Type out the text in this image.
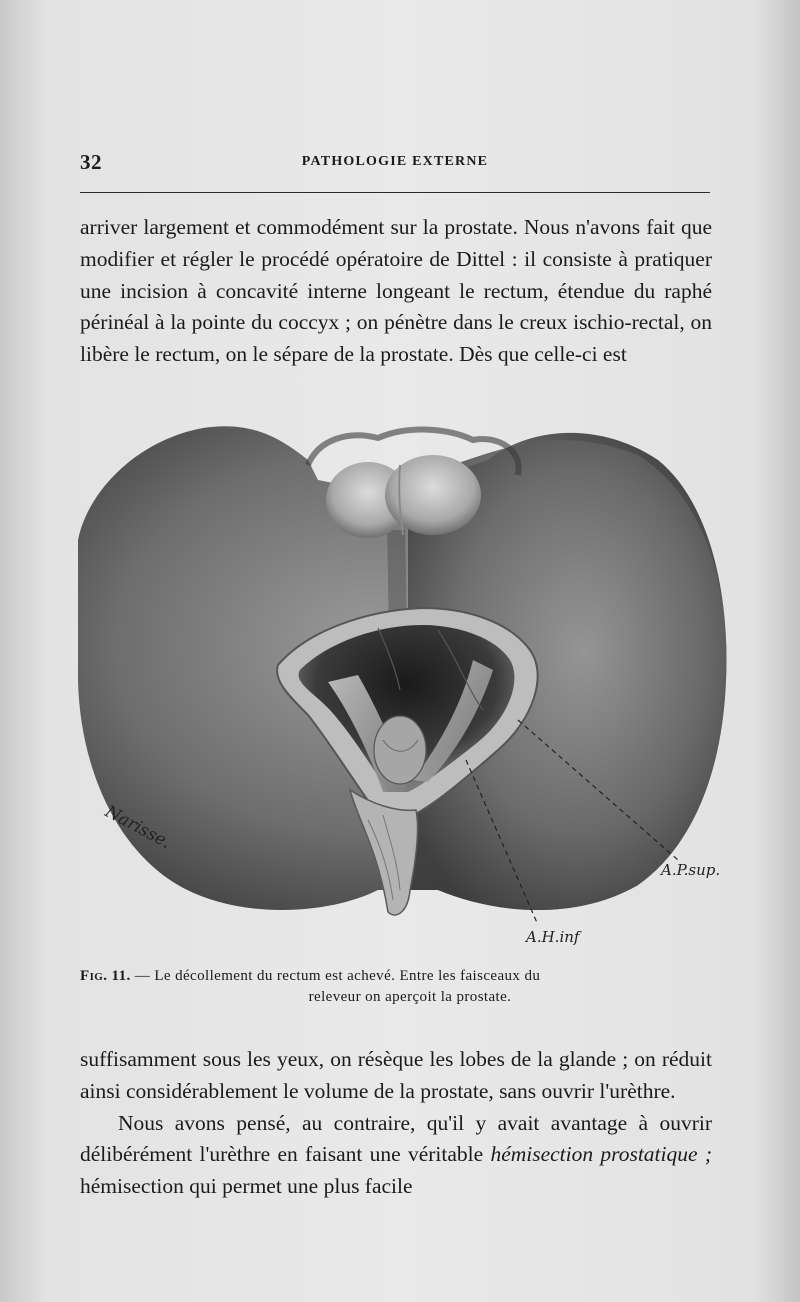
32	PATHOLOGIE EXTERNE

arriver largement et commodément sur la prostate. Nous n'avons fait que modifier et régler le procédé opératoire de Dittel : il consiste à pratiquer une incision à concavité interne longeant le rectum, étendue du raphé périnéal à la pointe du coccyx ; on pénètre dans le creux ischio-rectal, on libère le rectum, on le sépare de la prostate. Dès que celle-ci est

Narisse.
A.P.sup.
A.H.inf
Fig. 11. — Le décollement du rectum est achevé. Entre les faisceaux du
releveur on aperçoit la prostate.

suffisamment sous les yeux, on résèque les lobes de la glande ; on réduit ainsi considérablement le volume de la prostate, sans ouvrir l'urèthre.

Nous avons pensé, au contraire, qu'il y avait avantage à ouvrir délibérément l'urèthre en faisant une véritable hémisection prostatique ; hémisection qui permet une plus facile
